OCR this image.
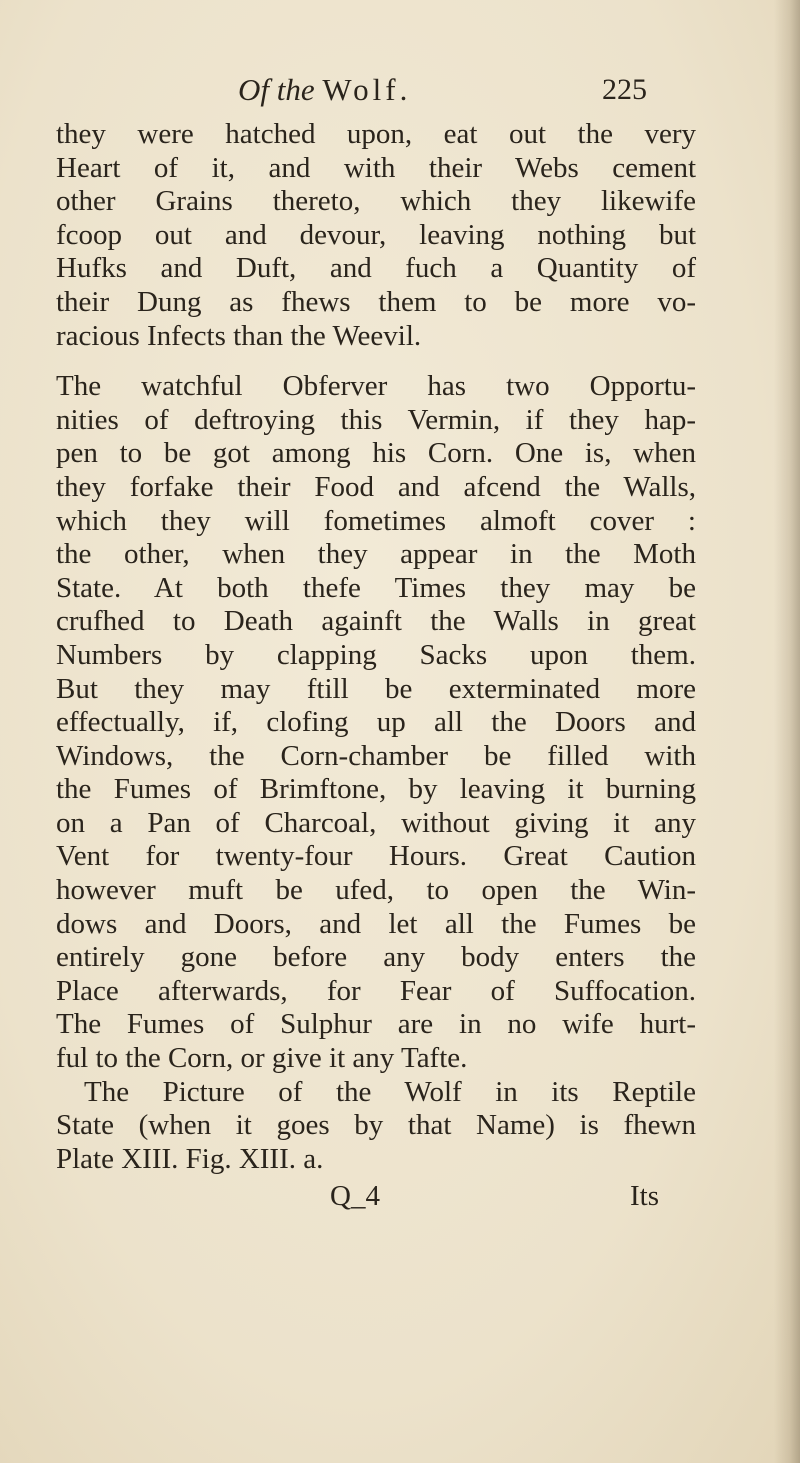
Of the Wolf.	225
they were hatched upon, eat out the very
Heart of it, and with their Webs cement
other Grains thereto, which they likewife
fcoop out and devour, leaving nothing but
Hufks and Duft, and fuch a Quantity of
their Dung as fhews them to be more vo-
racious Infects than the Weevil.
The watchful Obferver has two Opportu-
nities of deftroying this Vermin, if they hap-
pen to be got among his Corn. One is, when
they forfake their Food and afcend the Walls,
which they will fometimes almoft cover :
the other, when they appear in the Moth
State. At both thefe Times they may be
crufhed to Death againft the Walls in great
Numbers by clapping Sacks upon them.
But they may ftill be exterminated more
effectually, if, clofing up all the Doors and
Windows, the Corn-chamber be filled with
the Fumes of Brimftone, by leaving it burning
on a Pan of Charcoal, without giving it any
Vent for twenty-four Hours. Great Caution
however muft be ufed, to open the Win-
dows and Doors, and let all the Fumes be
entirely gone before any body enters the
Place afterwards, for Fear of Suffocation.
The Fumes of Sulphur are in no wife hurt-
ful to the Corn, or give it any Tafte.
The Picture of the Wolf in its Reptile
State (when it goes by that Name) is fhewn
Plate XIII. Fig. XIII. a.
Q_4	Its
